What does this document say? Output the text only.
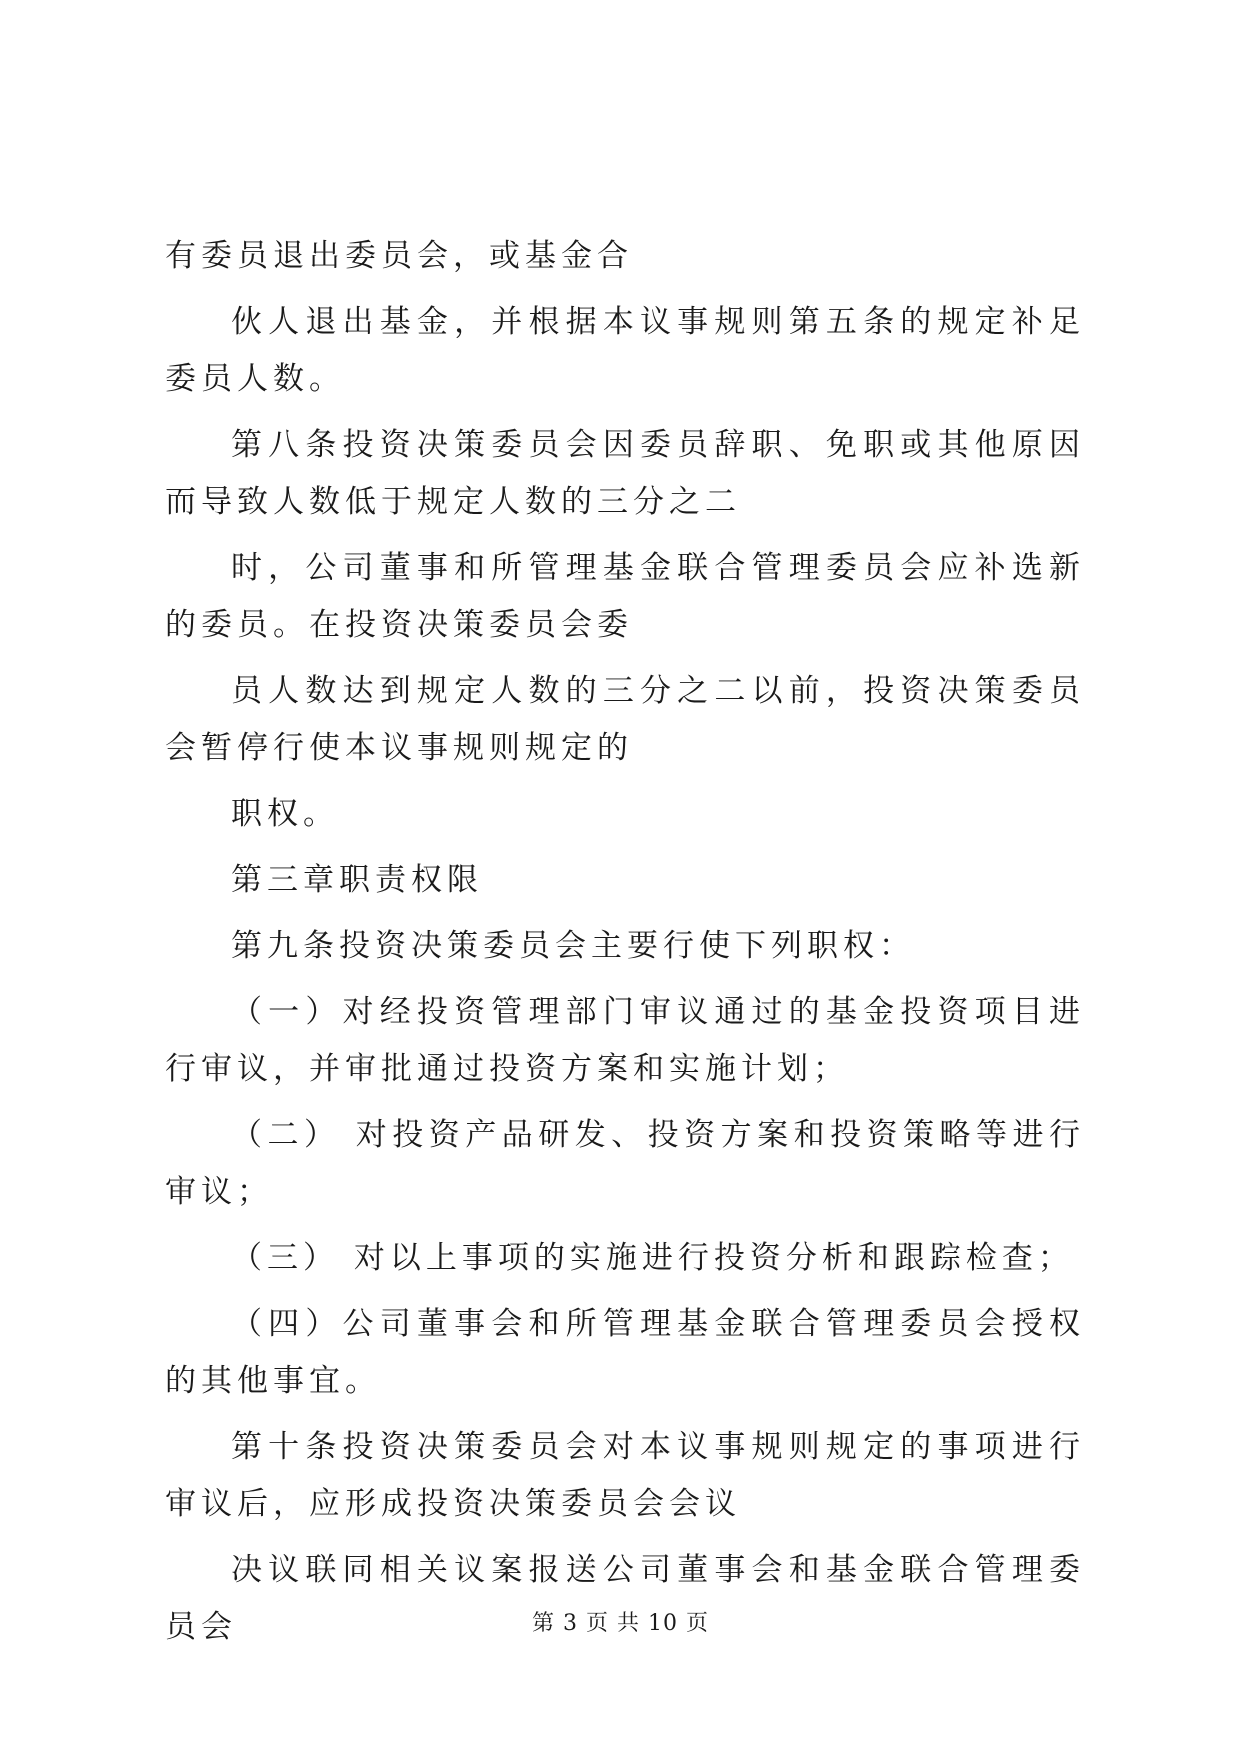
有委员退出委员会，或基金合

伙人退出基金，并根据本议事规则第五条的规定补足委员人数。

第八条投资决策委员会因委员辞职、免职或其他原因而导致人数低于规定人数的三分之二

时，公司董事和所管理基金联合管理委员会应补选新的委员。在投资决策委员会委

员人数达到规定人数的三分之二以前，投资决策委员会暂停行使本议事规则规定的

职权。

第三章职责权限

第九条投资决策委员会主要行使下列职权：

（一）对经投资管理部门审议通过的基金投资项目进行审议，并审批通过投资方案和实施计划；

（二） 对投资产品研发、投资方案和投资策略等进行审议；

（三） 对以上事项的实施进行投资分析和跟踪检查；

（四）公司董事会和所管理基金联合管理委员会授权的其他事宜。

第十条投资决策委员会对本议事规则规定的事项进行审议后，应形成投资决策委员会会议

决议联同相关议案报送公司董事会和基金联合管理委员会	第 3 页 共 10 页
